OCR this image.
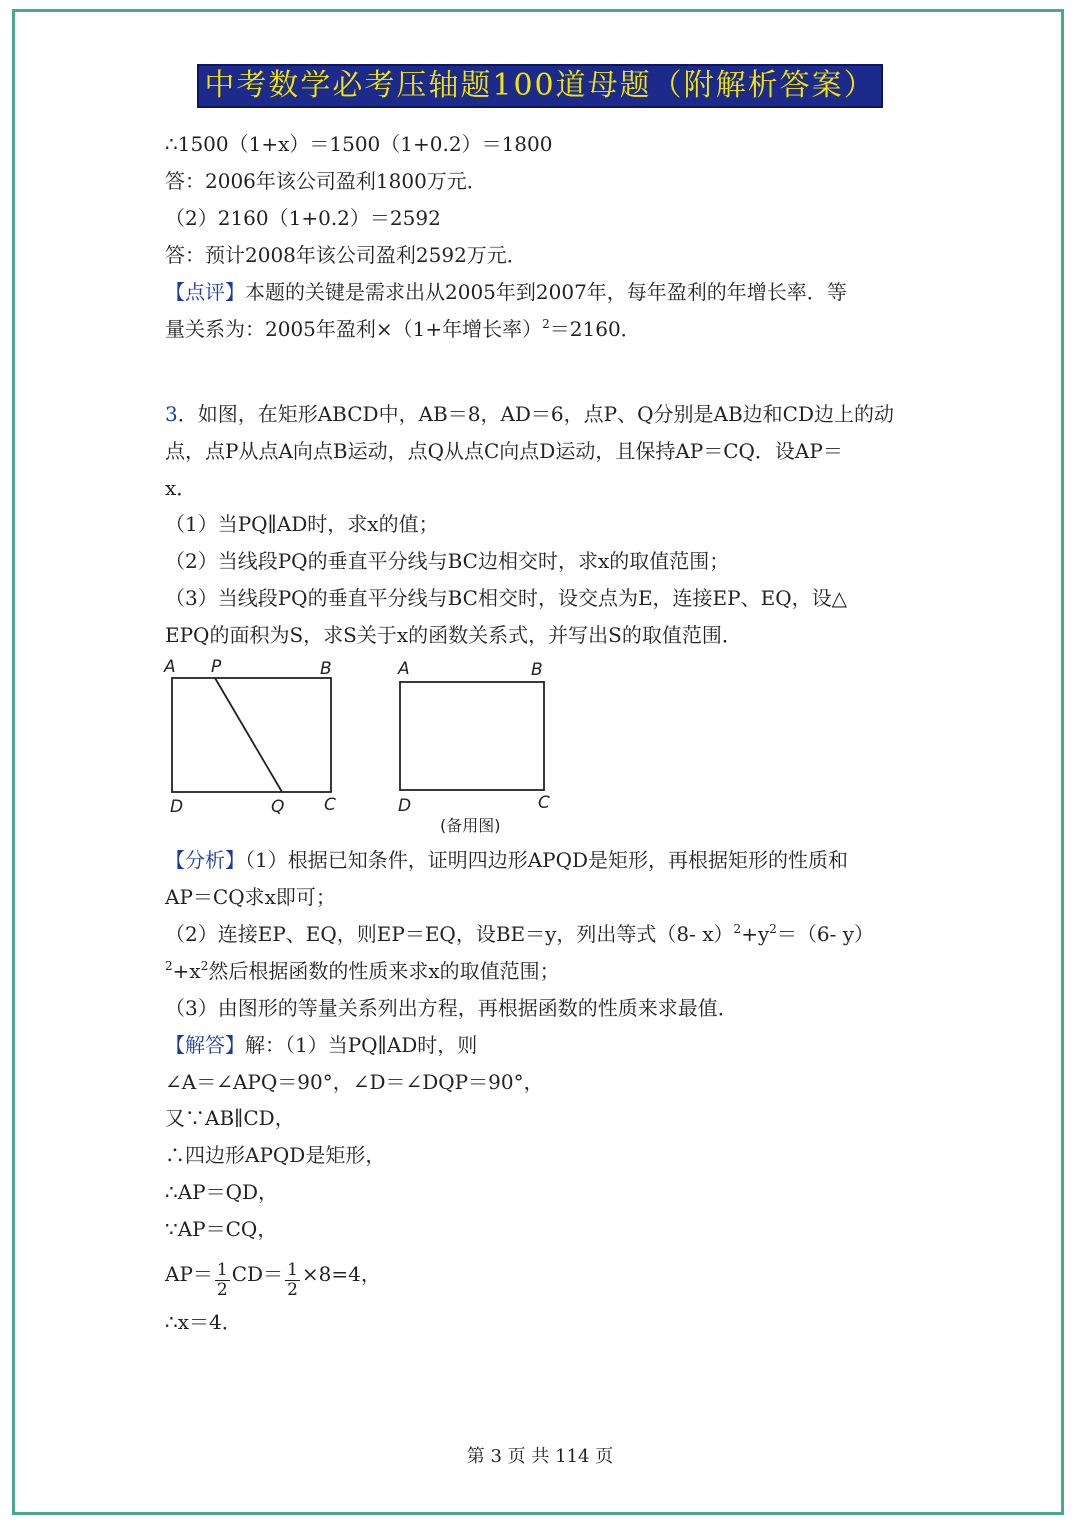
中考数学必考压轴题100道母题（附解析答案）
∴1500（1+x）＝1500（1+0.2）＝1800
答：2006年该公司盈利1800万元．
（2）2160（1+0.2）＝2592
答：预计2008年该公司盈利2592万元．
【点评】本题的关键是需求出从2005年到2007年，每年盈利的年增长率．等
量关系为：2005年盈利×（1+年增长率）$^2$＝2160．
3．如图，在矩形ABCD中，AB＝8，AD＝6，点P、Q分别是AB边和CD边上的动
点，点P从点A向点B运动，点Q从点C向点D运动，且保持AP＝CQ．设AP＝
x．
（1）当PQ∥AD时，求x的值；
（2）当线段PQ的垂直平分线与BC边相交时，求x的取值范围；
（3）当线段PQ的垂直平分线与BC相交时，设交点为E，连接EP、EQ，设△
EPQ的面积为S，求S关于x的函数关系式，并写出S的取值范围．
A P	B
D	Q C
A	B
D	C
(备用图)
【分析】（1）根据已知条件，证明四边形APQD是矩形，再根据矩形的性质和
AP＝CQ求x即可；
（2）连接EP、EQ，则EP＝EQ，设BE＝y，列出等式（8- $x)^2+y^2=(6-$ y）
$^2+x^2$然后根据函数的性质来求x的取值范围；
（3）由图形的等量关系列出方程，再根据函数的性质来求最值．
【解答】解：（1）当PQ∥AD时，则
∠A＝∠APQ＝90°，∠D＝∠DQP＝90°，
又∵AB∥CD，
∴四边形APQD是矩形，
∴AP＝QD，
∵AP＝CQ，
$AP= \frac{1}{2} CD= \frac{1}{2} \times 8=4$，
∴x＝4．
第 3 页 共 114 页
